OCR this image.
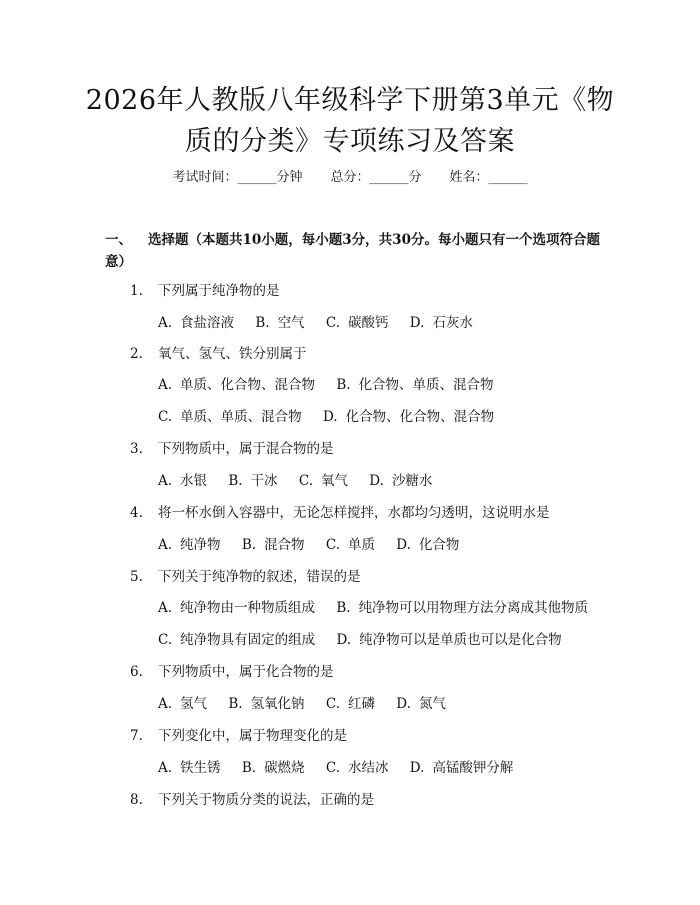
2026年人教版八年级科学下册第3单元《物
质的分类》专项练习及答案
考试时间：______分钟 总分：______分 姓名：______
一、 选择题（本题共10小题，每小题3分，共30分。每小题只有一个选项符合题意）
1. 下列属于纯净物的是
A. 食盐溶液 B. 空气 C. 碳酸钙 D. 石灰水
2. 氧气、氢气、铁分别属于
A. 单质、化合物、混合物 B. 化合物、单质、混合物
C. 单质、单质、混合物 D. 化合物、化合物、混合物
3. 下列物质中，属于混合物的是
A. 水银 B. 干冰 C. 氧气 D. 沙糖水
4. 将一杯水倒入容器中，无论怎样搅拌，水都均匀透明，这说明水是
A. 纯净物 B. 混合物 C. 单质 D. 化合物
5. 下列关于纯净物的叙述，错误的是
A. 纯净物由一种物质组成 B. 纯净物可以用物理方法分离成其他物质
C. 纯净物具有固定的组成 D. 纯净物可以是单质也可以是化合物
6. 下列物质中，属于化合物的是
A. 氢气 B. 氢氧化钠 C. 红磷 D. 氮气
7. 下列变化中，属于物理变化的是
A. 铁生锈 B. 碳燃烧 C. 水结冰 D. 高锰酸钾分解
8. 下列关于物质分类的说法，正确的是
